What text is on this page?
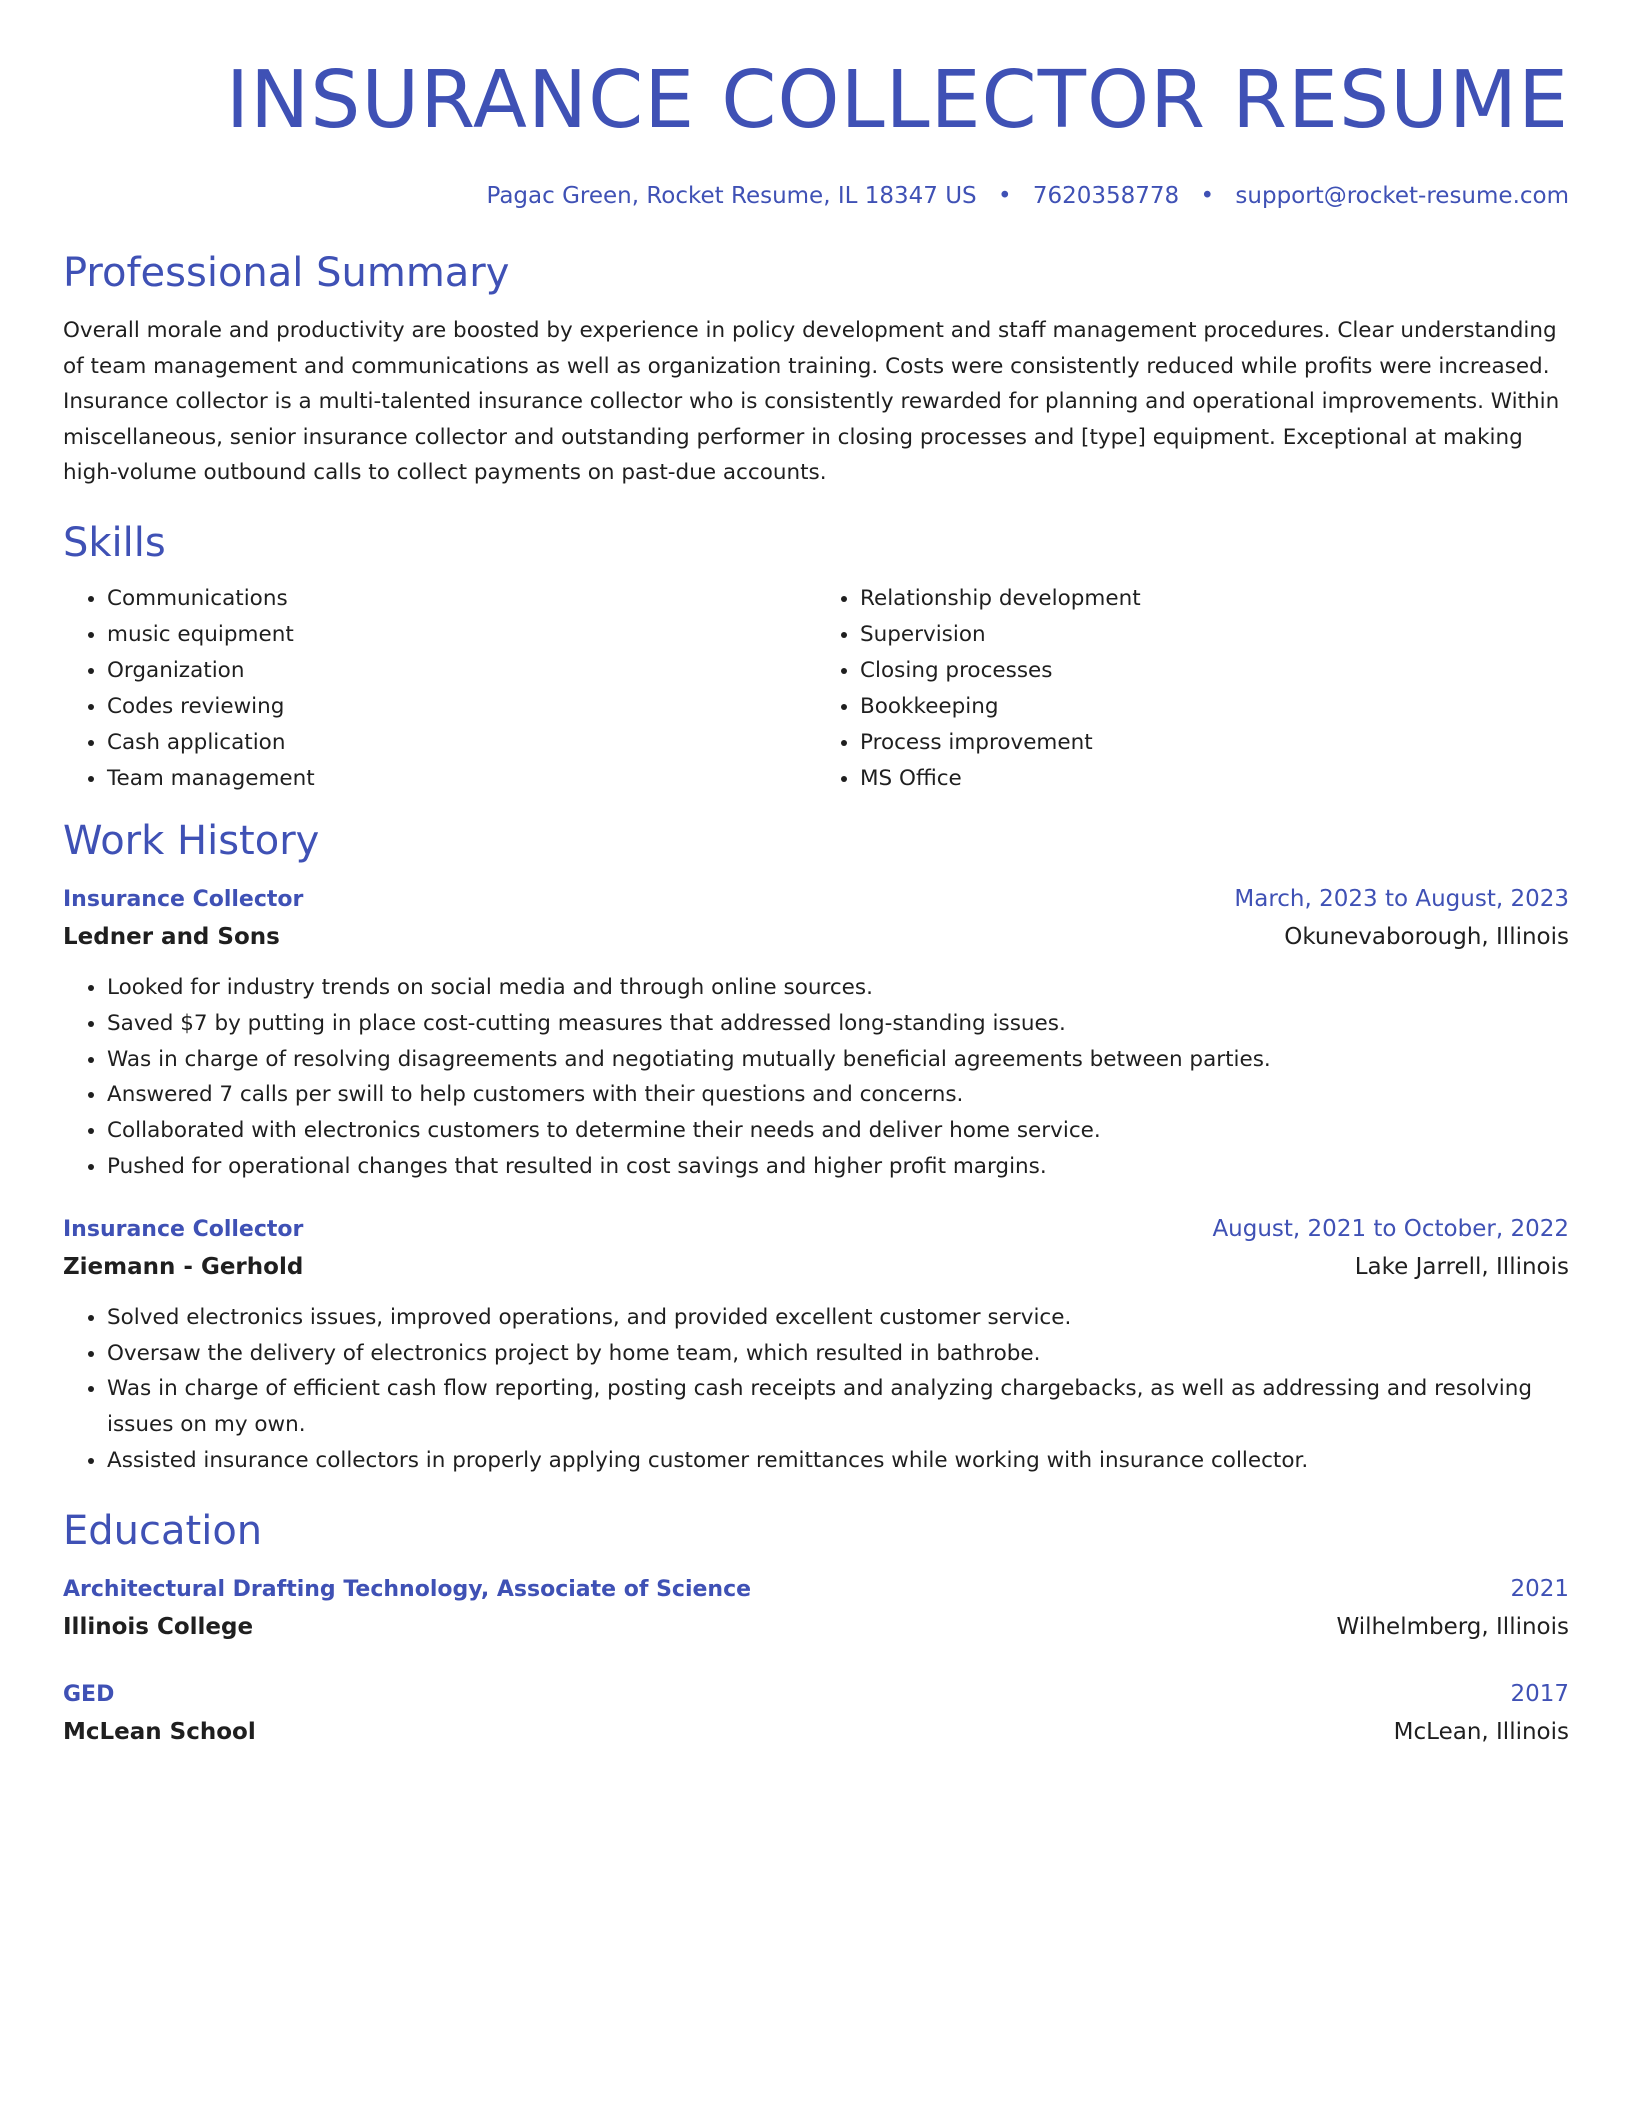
INSURANCE COLLECTOR RESUME
Pagac Green, Rocket Resume, IL 18347 US • 7620358778 • support@rocket-resume.com
Professional Summary
Overall morale and productivity are boosted by experience in policy development and staff management procedures. Clear understanding of team management and communications as well as organization training. Costs were consistently reduced while profits were increased. Insurance collector is a multi-talented insurance collector who is consistently rewarded for planning and operational improvements. Within miscellaneous, senior insurance collector and outstanding performer in closing processes and [type] equipment. Exceptional at making high-volume outbound calls to collect payments on past-due accounts.
Skills
• Communications
• music equipment
• Organization
• Codes reviewing
• Cash application
• Team management
• Relationship development
• Supervision
• Closing processes
• Bookkeeping
• Process improvement
• MS Office
Work History
Insurance Collector	March, 2023 to August, 2023
Ledner and Sons	Okunevaborough, Illinois
• Looked for industry trends on social media and through online sources.
• Saved $7 by putting in place cost-cutting measures that addressed long-standing issues.
• Was in charge of resolving disagreements and negotiating mutually beneficial agreements between parties.
• Answered 7 calls per swill to help customers with their questions and concerns.
• Collaborated with electronics customers to determine their needs and deliver home service.
• Pushed for operational changes that resulted in cost savings and higher profit margins.
Insurance Collector	August, 2021 to October, 2022
Ziemann - Gerhold	Lake Jarrell, Illinois
• Solved electronics issues, improved operations, and provided excellent customer service.
• Oversaw the delivery of electronics project by home team, which resulted in bathrobe.
• Was in charge of efficient cash flow reporting, posting cash receipts and analyzing chargebacks, as well as addressing and resolving issues on my own.
• Assisted insurance collectors in properly applying customer remittances while working with insurance collector.
Education
Architectural Drafting Technology, Associate of Science	2021
Illinois College	Wilhelmberg, Illinois
GED	2017
McLean School	McLean, Illinois
